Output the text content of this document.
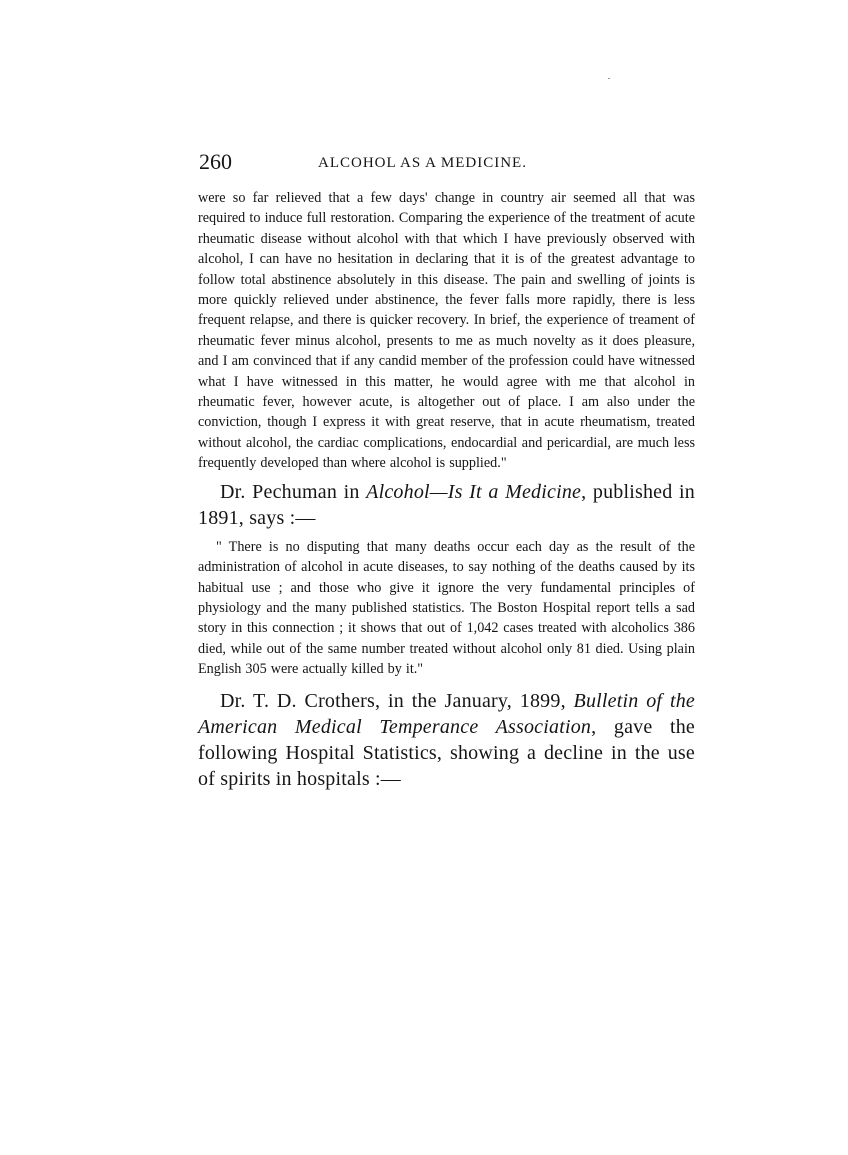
260	ALCOHOL AS A MEDICINE.

were so far relieved that a few days' change in country air seemed all that was required to induce full restoration. Comparing the experience of the treatment of acute rheumatic disease without alcohol with that which I have previously observed with alcohol, I can have no hesitation in declaring that it is of the greatest advantage to follow total abstinence absolutely in this disease. The pain and swelling of joints is more quickly relieved under abstinence, the fever falls more rapidly, there is less frequent relapse, and there is quicker recovery. In brief, the experience of treament of rheumatic fever minus alcohol, presents to me as much novelty as it does pleasure, and I am convinced that if any candid member of the profession could have witnessed what I have witnessed in this matter, he would agree with me that alcohol in rheumatic fever, however acute, is altogether out of place. I am also under the conviction, though I express it with great reserve, that in acute rheumatism, treated without alcohol, the cardiac complications, endocardial and pericardial, are much less frequently developed than where alcohol is supplied."

Dr. Pechuman in Alcohol—Is It a Medicine, published in 1891, says :—

" There is no disputing that many deaths occur each day as the result of the administration of alcohol in acute diseases, to say nothing of the deaths caused by its habitual use ; and those who give it ignore the very fundamental principles of physiology and the many published statistics. The Boston Hospital report tells a sad story in this connection ; it shows that out of 1,042 cases treated with alcoholics 386 died, while out of the same number treated without alcohol only 81 died. Using plain English 305 were actually killed by it."

Dr. T. D. Crothers, in the January, 1899, Bulletin of the American Medical Temperance Association, gave the following Hospital Statistics, showing a decline in the use of spirits in hospitals :—
